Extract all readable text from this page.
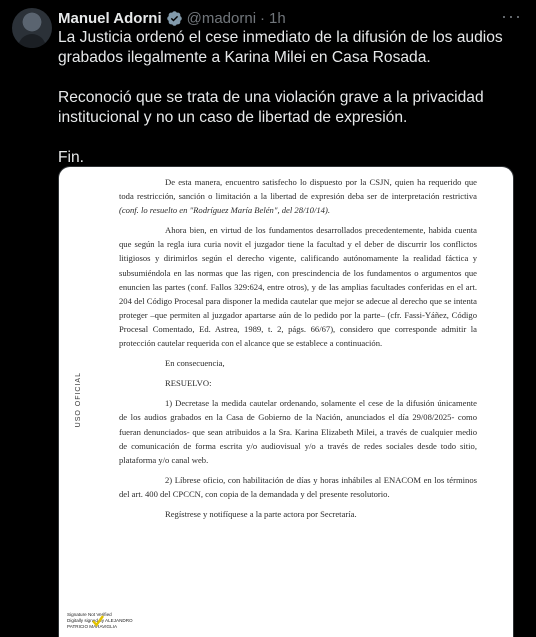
Manuel Adorni @madorni · 1h	···

La Justicia ordenó el cese inmediato de la difusión de los audios grabados ilegalmente a Karina Milei en Casa Rosada.

Reconoció que se trata de una violación grave a la privacidad institucional y no un caso de libertad de expresión.

Fin.

USO OFICIAL

De esta manera, encuentro satisfecho lo dispuesto por la CSJN, quien ha requerido que toda restricción, sanción o limitación a la libertad de expresión deba ser de interpretación restrictiva (conf. lo resuelto en "Rodríguez María Belén", del 28/10/14).

Ahora bien, en virtud de los fundamentos desarrollados precedentemente, habida cuenta que según la regla iura curia novit el juzgador tiene la facultad y el deber de discurrir los conflictos litigiosos y dirimirlos según el derecho vigente, calificando autónomamente la realidad fáctica y subsumiéndola en las normas que las rigen, con prescindencia de los fundamentos o argumentos que enuncien las partes (conf. Fallos 329:624, entre otros), y de las amplias facultades conferidas en el art. 204 del Código Procesal para disponer la medida cautelar que mejor se adecue al derecho que se intenta proteger –que permiten al juzgador apartarse aún de lo pedido por la parte– (cfr. Fassi-Yáñez, Código Procesal Comentado, Ed. Astrea, 1989, t. 2, págs. 66/67), considero que corresponde admitir la protección cautelar requerida con el alcance que se establece a continuación.

En consecuencia,

RESUELVO:

1) Decretase la medida cautelar ordenando, solamente el cese de la difusión únicamente de los audios grabados en la Casa de Gobierno de la Nación, anunciados el día 29/08/2025- como fueran denunciados- que sean atribuidos a la Sra. Karina Elizabeth Milei, a través de cualquier medio de comunicación de forma escrita y/o audiovisual y/o a través de redes sociales desde todo sitio, plataforma y/o canal web.

2) Líbrese oficio, con habilitación de días y horas inhábiles al ENACOM en los términos del art. 400 del CPCCN, con copia de la demandada y del presente resolutorio.

Regístrese y notifíquese a la parte actora por Secretaría.

Signature Not Verified
Digitally signed by ALEJANDRO
PATRICIO MARAVIGLIA
